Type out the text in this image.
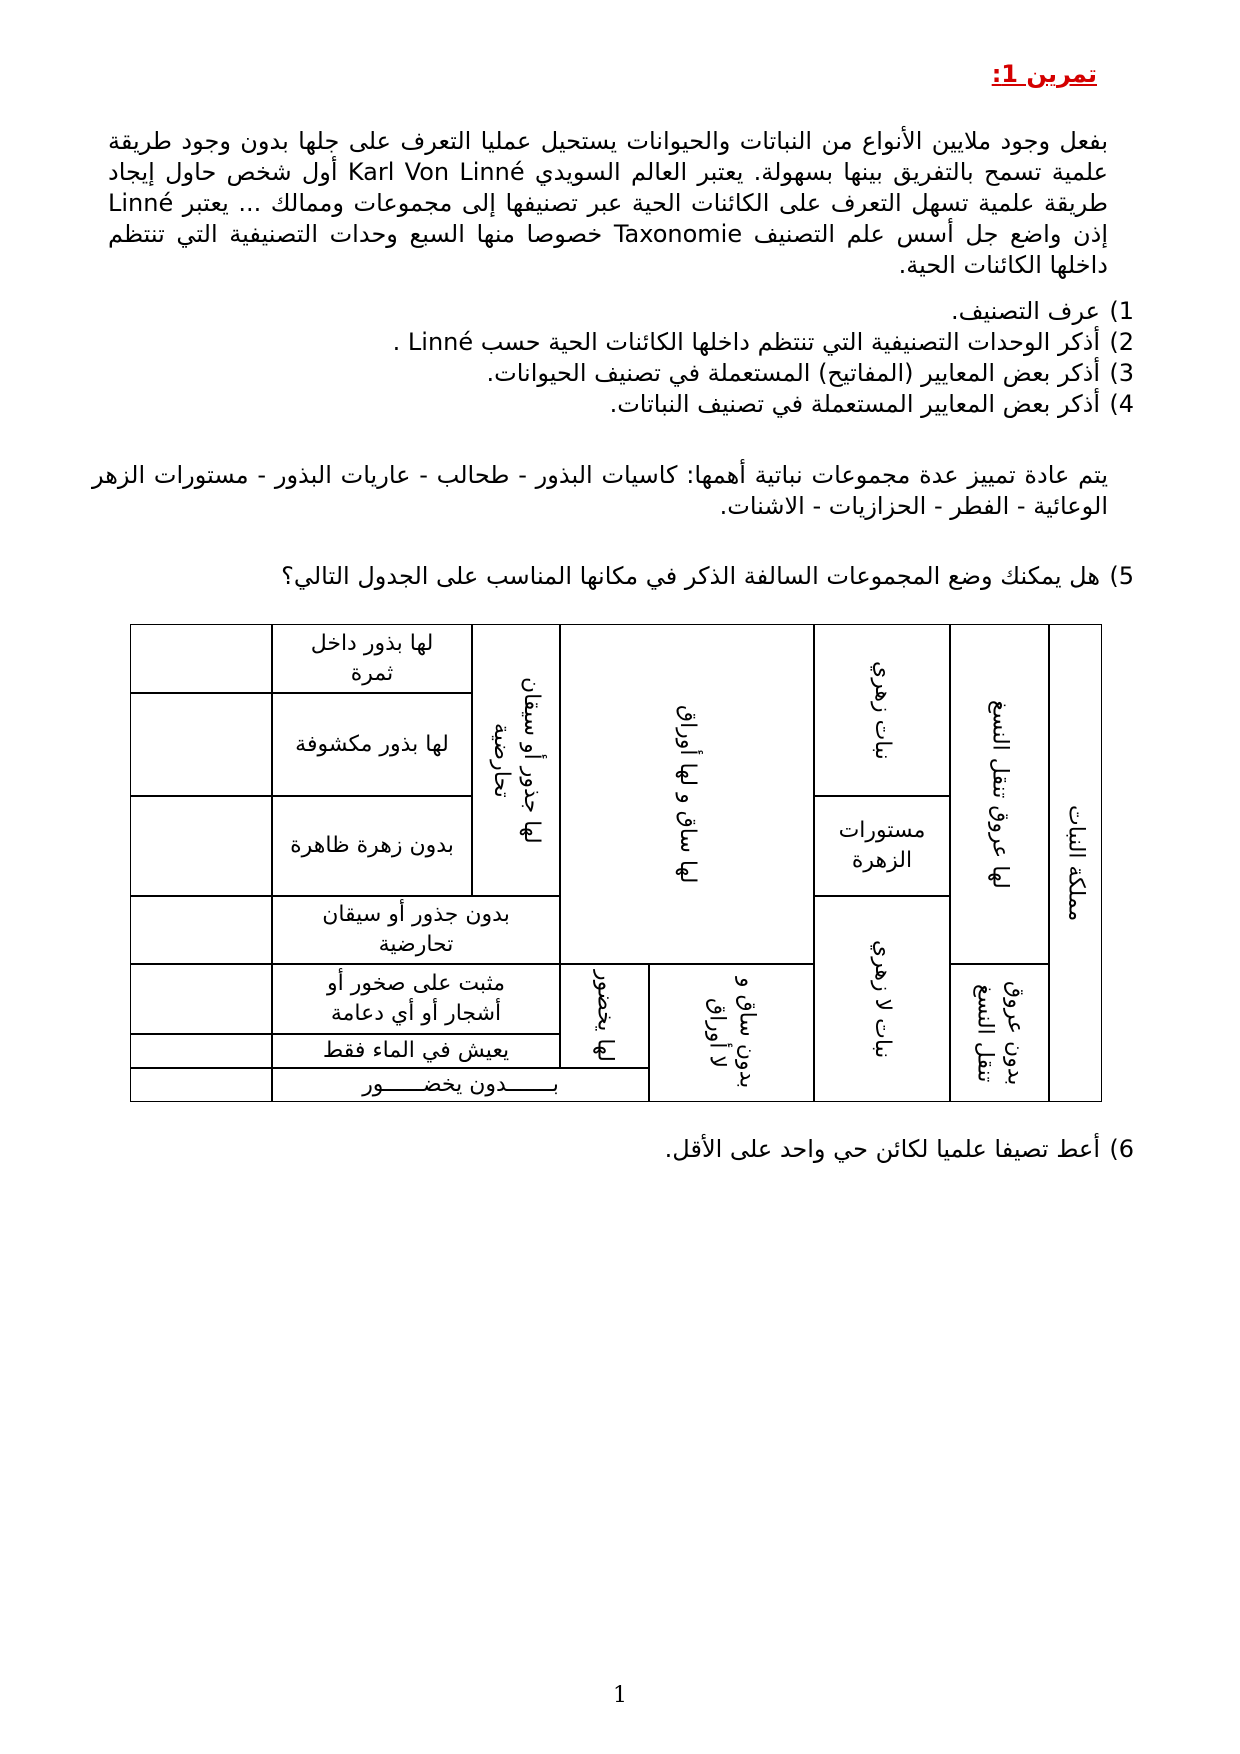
تمرين 1:
بفعل وجود ملايين الأنواع من النباتات والحيوانات يستحيل عمليا التعرف على جلها بدون وجود طريقة علمية تسمح بالتفريق بينها بسهولة. يعتبر العالم السويدي Karl Von Linné أول شخص حاول إيجاد طريقة علمية تسهل التعرف على الكائنات الحية عبر تصنيفها إلى مجموعات وممالك ... يعتبر Linné إذن واضع جل أسس علم التصنيف Taxonomie خصوصا منها السبع وحدات التصنيفية التي تنتظم داخلها الكائنات الحية.
1)
عرف التصنيف.
2)
أذكر الوحدات التصنيفية التي تنتظم داخلها الكائنات الحية حسب Linné .
3)
أذكر بعض المعايير (المفاتيح) المستعملة في تصنيف الحيوانات.
4)
أذكر بعض المعايير المستعملة في تصنيف النباتات.
يتم عادة تمييز عدة مجموعات نباتية أهمها: كاسيات البذور - طحالب - عاريات البذور - مستورات الزهر الوعائية - الفطر - الحزازيات - الاشنات.
5)
هل يمكنك وضع المجموعات السالفة الذكر في مكانها المناسب على الجدول التالي؟
مملكة النبات
لها عروق تنقل النسغ
بدون عروق تنقل النسغ
نبات زهري
مستورات الزهرة
نبات لا زهري
لها ساق و لها أوراق
بدون ساق و لا أوراق
لها يخضور
لها جذور أو سيقان تحارضية
لها بذور داخل ثمرة
لها بذور مكشوفة
بدون زهرة ظاهرة
بدون جذور أو سيقان تحارضية
مثبت على صخور أو أشجار أو أي دعامة
يعيش في الماء فقط
بـــــــدون يخضــــــور
6)
أعط تصيفا علميا لكائن حي واحد على الأقل.
1
